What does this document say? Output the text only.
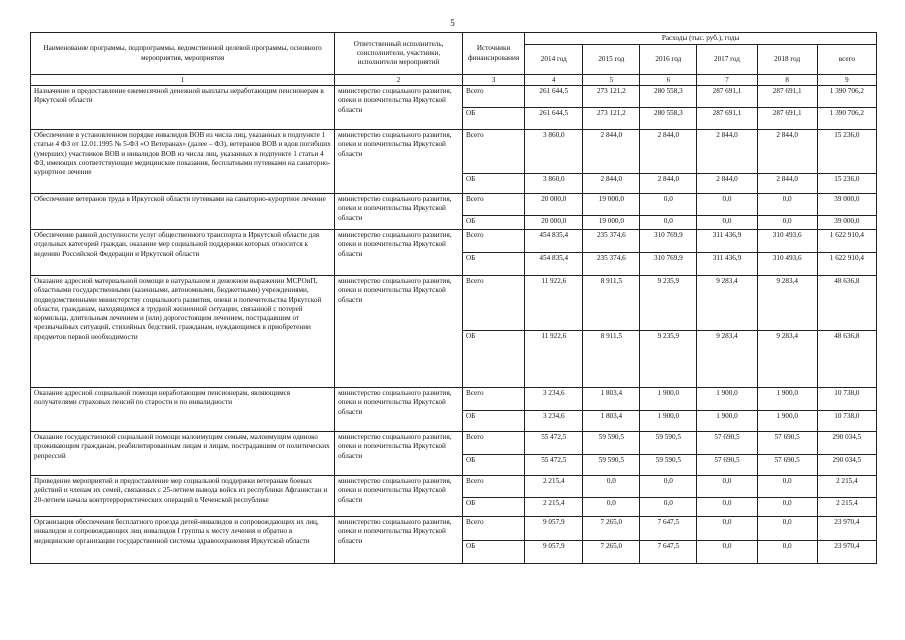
5
Наименование программы, подпрограммы, ведомственной целевой программы, основного мероприятия, мероприятия	Ответственный исполнитель, соисполнители, участники, исполнители мероприятий	Источники финансирования	Расходы (тыс. руб.), годы					
			2014 год	2015 год	2016 год	2017 год	2018 год	всего
1	2	3	4	5	6	7	8	9
Назначение и предоставление ежемесячной денежной выплаты неработающим пенсионерам в Иркутской области	министерство социального развития, опеки и попечительства Иркутской области	Всего	261 644,5	273 121,2	280 558,3	287 691,1	287 691,1	1 390 706,2
		ОБ	261 644,5	273 121,2	280 558,3	287 691,1	287 691,1	1 390 706,2
Обеспечение в установленном порядке инвалидов ВОВ из числа лиц, указанных в подпункте 1 статьи 4 ФЗ от 12.01.1995 № 5-ФЗ «О Ветеранах» (далее – ФЗ), ветеранов ВОВ и вдов погибших (умерших) участников ВОВ и инвалидов ВОВ из числа лиц, указанных в подпункте 1 статьи 4 ФЗ, имеющих соответствующие медицинские показания, бесплатными путевками на санаторно-курортное лечение	министерство социального развития, опеки и попечительства Иркутской области	Всего	3 860,0	2 844,0	2 844,0	2 844,0	2 844,0	15 236,0
		ОБ	3 860,0	2 844,0	2 844,0	2 844,0	2 844,0	15 236,0
Обеспечение ветеранов труда в Иркутской области путевками на санаторно-курортное лечение	министерство социального развития, опеки и попечительства Иркутской области	Всего	20 000,0	19 000,0	0,0	0,0	0,0	39 000,0
		ОБ	20 000,0	19 000,0	0,0	0,0	0,0	39 000,0
Обеспечение равной доступности услуг общественного транспорта в Иркутской области для отдельных категорий граждан, оказание мер социальной поддержки которых относится к ведению Российской Федерации и Иркутской области	министерство социального развития, опеки и попечительства Иркутской области	Всего	454 835,4	235 374,6	310 769,9	311 436,9	310 493,6	1 622 910,4
		ОБ	454 835,4	235 374,6	310 769,9	311 436,9	310 493,6	1 622 910,4
Оказание адресной материальной помощи в натуральном и денежном выражении МСРОиП, областными государственными (казенными, автономными, бюджетными) учреждениями, подведомственными министерству социального развития, опеки и попечительства Иркутской области, гражданам, находящимся в трудной жизненной ситуации, связанной с потерей кормильца, длительным лечением и (или) дорогостоящим лечением, пострадавшим от чрезвычайных ситуаций, стихийных бедствий, гражданам, нуждающимся в приобретении предметов первой необходимости	министерство социального развития, опеки и попечительства Иркутской области	Всего	11 922,6	8 911,5	9 235,9	9 283,4	9 283,4	48 636,8
		ОБ	11 922,6	8 911,5	9 235,9	9 283,4	9 283,4	48 636,8
Оказание адресной социальной помощи неработающим пенсионерам, являющимся получателями страховых пенсий по старости и по инвалидности	министерство социального развития, опеки и попечительства Иркутской области	Всего	3 234,6	1 803,4	1 900,0	1 900,0	1 900,0	10 738,0
		ОБ	3 234,6	1 803,4	1 900,0	1 900,0	1 900,0	10 738,0
Оказание государственной социальной помощи малоимущим семьям, малоимущим одиноко проживающим гражданам, реабилитированным лицам и лицам, пострадавшим от политических репрессий	министерство социального развития, опеки и попечительства Иркутской области	Всего	55 472,5	59 590,5	59 590,5	57 690,5	57 690,5	290 034,5
		ОБ	55 472,5	59 590,5	59 590,5	57 690,5	57 690,5	290 034,5
Проведение мероприятий и предоставление мер социальной поддержки ветеранам боевых действий и членам их семей, связанных с 25-летием вывода войск из республики Афганистан и 20-летием начала контртеррористических операций в Чеченской республике	министерство социального развития, опеки и попечительства Иркутской области	Всего	2 215,4	0,0	0,0	0,0	0,0	2 215,4
		ОБ	2 215,4	0,0	0,0	0,0	0,0	2 215,4
Организация обеспечения бесплатного проезда детей-инвалидов и сопровождающих их лиц, инвалидов и сопровождающих лиц инвалидов I группы к месту лечения и обратно в медицинские организации государственной системы здравоохранения Иркутской области	министерство социального развития, опеки и попечительства Иркутской области	Всего	9 057,9	7 265,0	7 647,5	0,0	0,0	23 970,4
		ОБ	9 057,9	7 265,0	7 647,5	0,0	0,0	23 970,4
